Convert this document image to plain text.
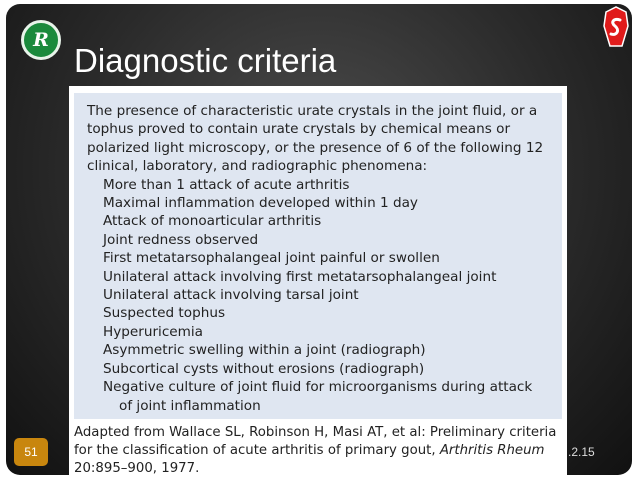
R
Diagnostic criteria

The presence of characteristic urate crystals in the joint fluid, or a tophus proved to contain urate crystals by chemical means or polarized light microscopy, or the presence of 6 of the following 12 clinical, laboratory, and radiographic phenomena:

More than 1 attack of acute arthritis
Maximal inflammation developed within 1 day
Attack of monoarticular arthritis
Joint redness observed
First metatarsophalangeal joint painful or swollen
Unilateral attack involving first metatarsophalangeal joint
Unilateral attack involving tarsal joint
Suspected tophus
Hyperuricemia
Asymmetric swelling within a joint (radiograph)
Subcortical cysts without erosions (radiograph)
Negative culture of joint fluid for microorganisms during attack
of joint inflammation
Adapted from Wallace SL, Robinson H, Masi AT, et al: Preliminary criteria for the classification of acute arthritis of primary gout, Arthritis Rheum 20:895–900, 1977.
51	.2.15
